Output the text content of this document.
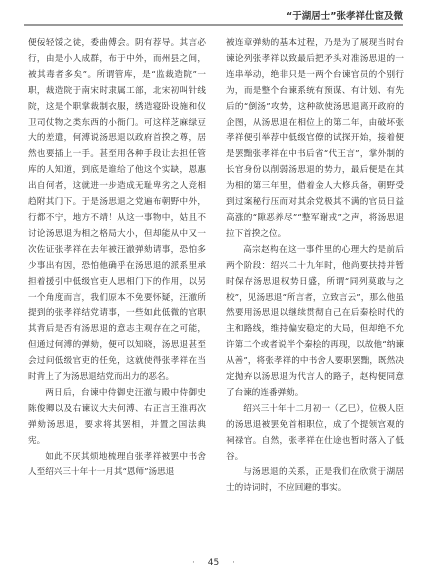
“于湖居士”张孝祥仕宦及微

便佞轻馁之徒，委曲傅会。阴有荐导。其言必行，由是小人成群，布于中外，而州县之间，被其毒者多矣”。所谓管库，是“监裁造院”一职，裁造院于南宋时隶属工部，北宋初叫针线院，这是个职掌裁制衣服，绣造寝卧设施和仪卫司仗物之类东西的小衙门。可这样芝麻绿豆大的差遣，何溥说汤思退以政府首揆之尊，居然也要插上一手。甚至用各种手段让去担任管库的人知道，到底是谁给了他这个实缺，恩惠出自何者，这就进一步造成无耻卑劣之人竞相趋附其门下。于是汤思退之党遍布朝野中外，行都不宁，地方不靖！从这一事物中，姑且不讨论汤思退为相之格局大小，但却能从中又一次佐证张孝祥在去年被汪澈弹劾请事，恐怕多少事出有因，恐怕他确乎在汤思退的派系里承担着援引中低级官吏人思相门下的作用，以另一个角度而言，我们原本不免要怀疑，汪澈所提到的张孝祥结党请事，一些如此低微的官职其背后是否有汤思退的意志主观存在之可能，但通过何溥的弹劾，便可以知晓，汤思退甚至会过问低级官吏的任免，这就使得张孝祥在当时背上了为汤思退结党而出力的恶名。

两日后，台谏中侍御史汪澈与殿中侍御史陈俊卿以及右谏议大夫何溥、右正言王淮再次弹劾汤思退，要求将其罢相，并置之国法典宪。

如此不厌其烦地梳理自张孝祥被罢中书舍人至绍兴三十年十一月其“恩师”汤思退

被连章弹劾的基本过程，乃是为了展现当时台谏论列张孝祥以致最后把矛头对准汤思退的一连串举动，绝非只是一两个台谏官员的个别行为，而是整个台谏系统有预谋、有计划、有先后的“倒汤”攻势，这种欲使汤思退离开政府的企图，从汤思退在相位上的第二年，由破坏张孝祥便引举荐中低级官僚的试探开始，接着便是罢黜张孝祥在中书后省“代王言”，掌外制的长官身份以削弱汤思退的势力，最后便是在其为相的第三年里，借着金人大修兵备，朝野受到过案秘行压而对其余党极其不满的官员日益高涨的“隙恶养尽”“整军谢戎”之声，将汤思退拉下首揆之位。

高宗赵构在这一事件里的心理大约是前后两个阶段：绍兴二十九年时，他尚要扶持并暂时保存汤思退权势日盛，所谓“同列莫敢与之校”，见汤思退“所言者，立致言云”，那么他虽然要用汤思退以继续贯彻自己在后秦桧时代的主和路线，维持偏安稳定的大局，但却绝不允许第二个或者说半个秦桧的再现，以故他“纳谏从善”，将张孝祥的中书舍人要职罢黜，既然决定抛弃以汤思退为代言人的路子，赵构便同意了台谏的连番弹劾。

绍兴三十年十二月初一（乙巳），位极人臣的汤思退被罢免首相职位，成了个提领宫观的祠禄官。自然，张孝祥在仕途也暂时落入了低谷。

与汤思退的关系，正是我们在欣赏于湖居士的诗词时，不应回避的事实。

· 45 ·
